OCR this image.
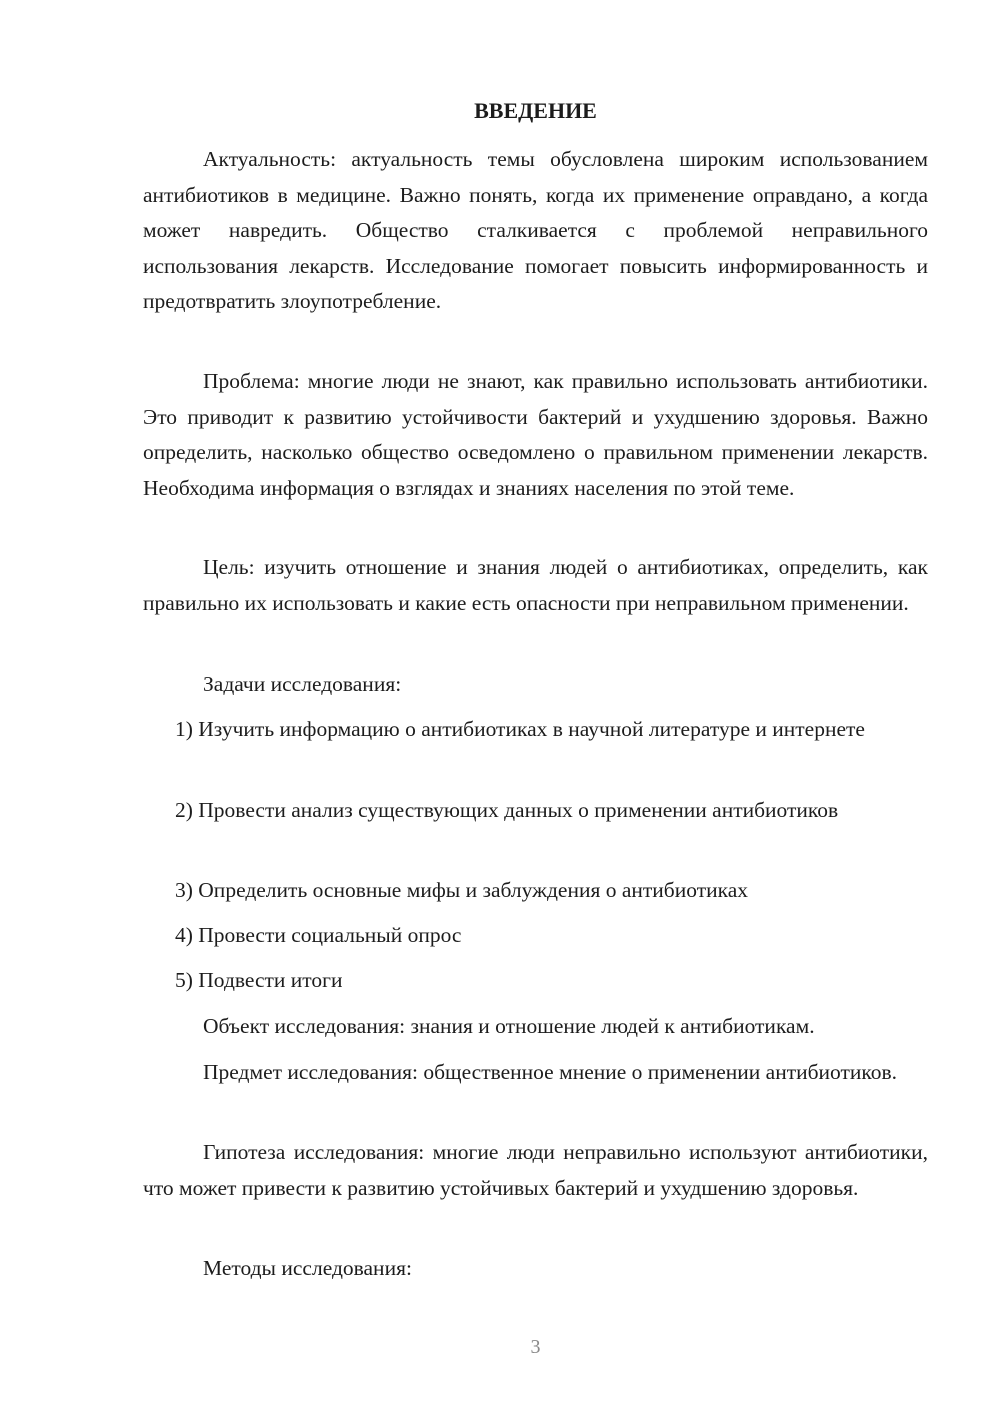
ВВЕДЕНИЕ

Актуальность: актуальность темы обусловлена широким использованием антибиотиков в медицине. Важно понять, когда их применение оправдано, а когда может навредить. Общество сталкивается с проблемой неправильного использования лекарств. Исследование помогает повысить информированность и предотвратить злоупотребление.

Проблема: многие люди не знают, как правильно использовать антибиотики. Это приводит к развитию устойчивости бактерий и ухудшению здоровья. Важно определить, насколько общество осведомлено о правильном применении лекарств. Необходима информация о взглядах и знаниях населения по этой теме.

Цель: изучить отношение и знания людей о антибиотиках, определить, как правильно их использовать и какие есть опасности при неправильном применении.

Задачи исследования:

1) Изучить информацию о антибиотиках в научной литературе и интернете

2) Провести анализ существующих данных о применении антибиотиков

3) Определить основные мифы и заблуждения о антибиотиках

4) Провести социальный опрос

5) Подвести итоги

Объект исследования: знания и отношение людей к антибиотикам.

Предмет исследования: общественное мнение о применении антибиотиков.

Гипотеза исследования: многие люди неправильно используют антибиотики, что может привести к развитию устойчивых бактерий и ухудшению здоровья.

Методы исследования:

3
